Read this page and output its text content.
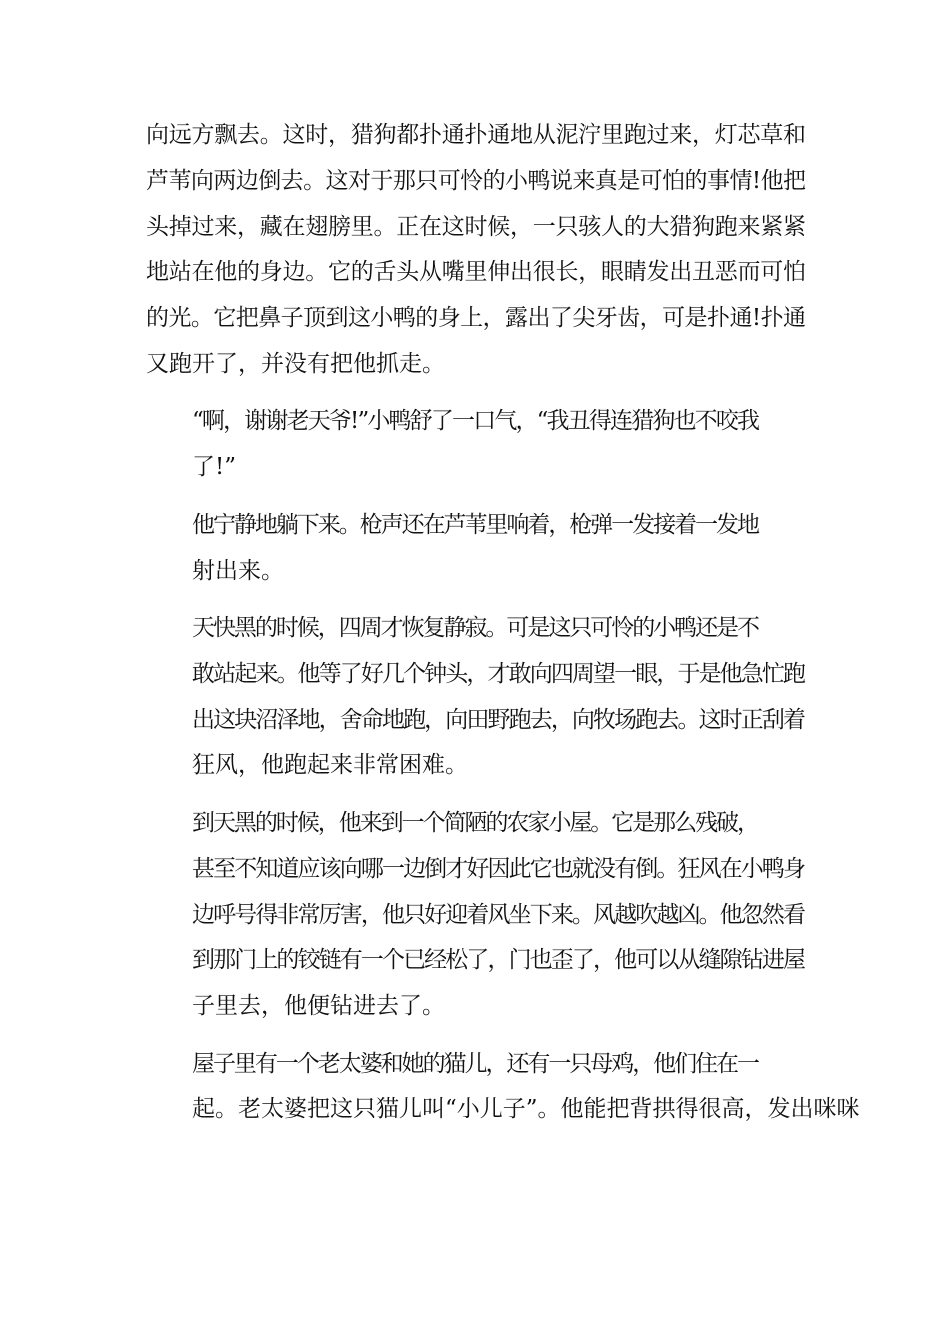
向远方飘去。这时，猎狗都扑通扑通地从泥泞里跑过来，灯芯草和
芦苇向两边倒去。这对于那只可怜的小鸭说来真是可怕的事情!他把
头掉过来，藏在翅膀里。正在这时候，一只骇人的大猎狗跑来紧紧
地站在他的身边。它的舌头从嘴里伸出很长，眼睛发出丑恶而可怕
的光。它把鼻子顶到这小鸭的身上，露出了尖牙齿，可是扑通!扑通
又跑开了，并没有把他抓走。
“啊，谢谢老天爷!”小鸭舒了一口气，“我丑得连猎狗也不咬我
了!”
他宁静地躺下来。枪声还在芦苇里响着，枪弹一发接着一发地
射出来。
天快黑的时候，四周才恢复静寂。可是这只可怜的小鸭还是不
敢站起来。他等了好几个钟头，才敢向四周望一眼，于是他急忙跑
出这块沼泽地，舍命地跑，向田野跑去，向牧场跑去。这时正刮着
狂风，他跑起来非常困难。
到天黑的时候，他来到一个简陋的农家小屋。它是那么残破，
甚至不知道应该向哪一边倒才好因此它也就没有倒。狂风在小鸭身
边呼号得非常厉害，他只好迎着风坐下来。风越吹越凶。他忽然看
到那门上的铰链有一个已经松了，门也歪了，他可以从缝隙钻进屋
子里去，他便钻进去了。
屋子里有一个老太婆和她的猫儿，还有一只母鸡，他们住在一
起。老太婆把这只猫儿叫“小儿子”。他能把背拱得很高，发出咪咪
